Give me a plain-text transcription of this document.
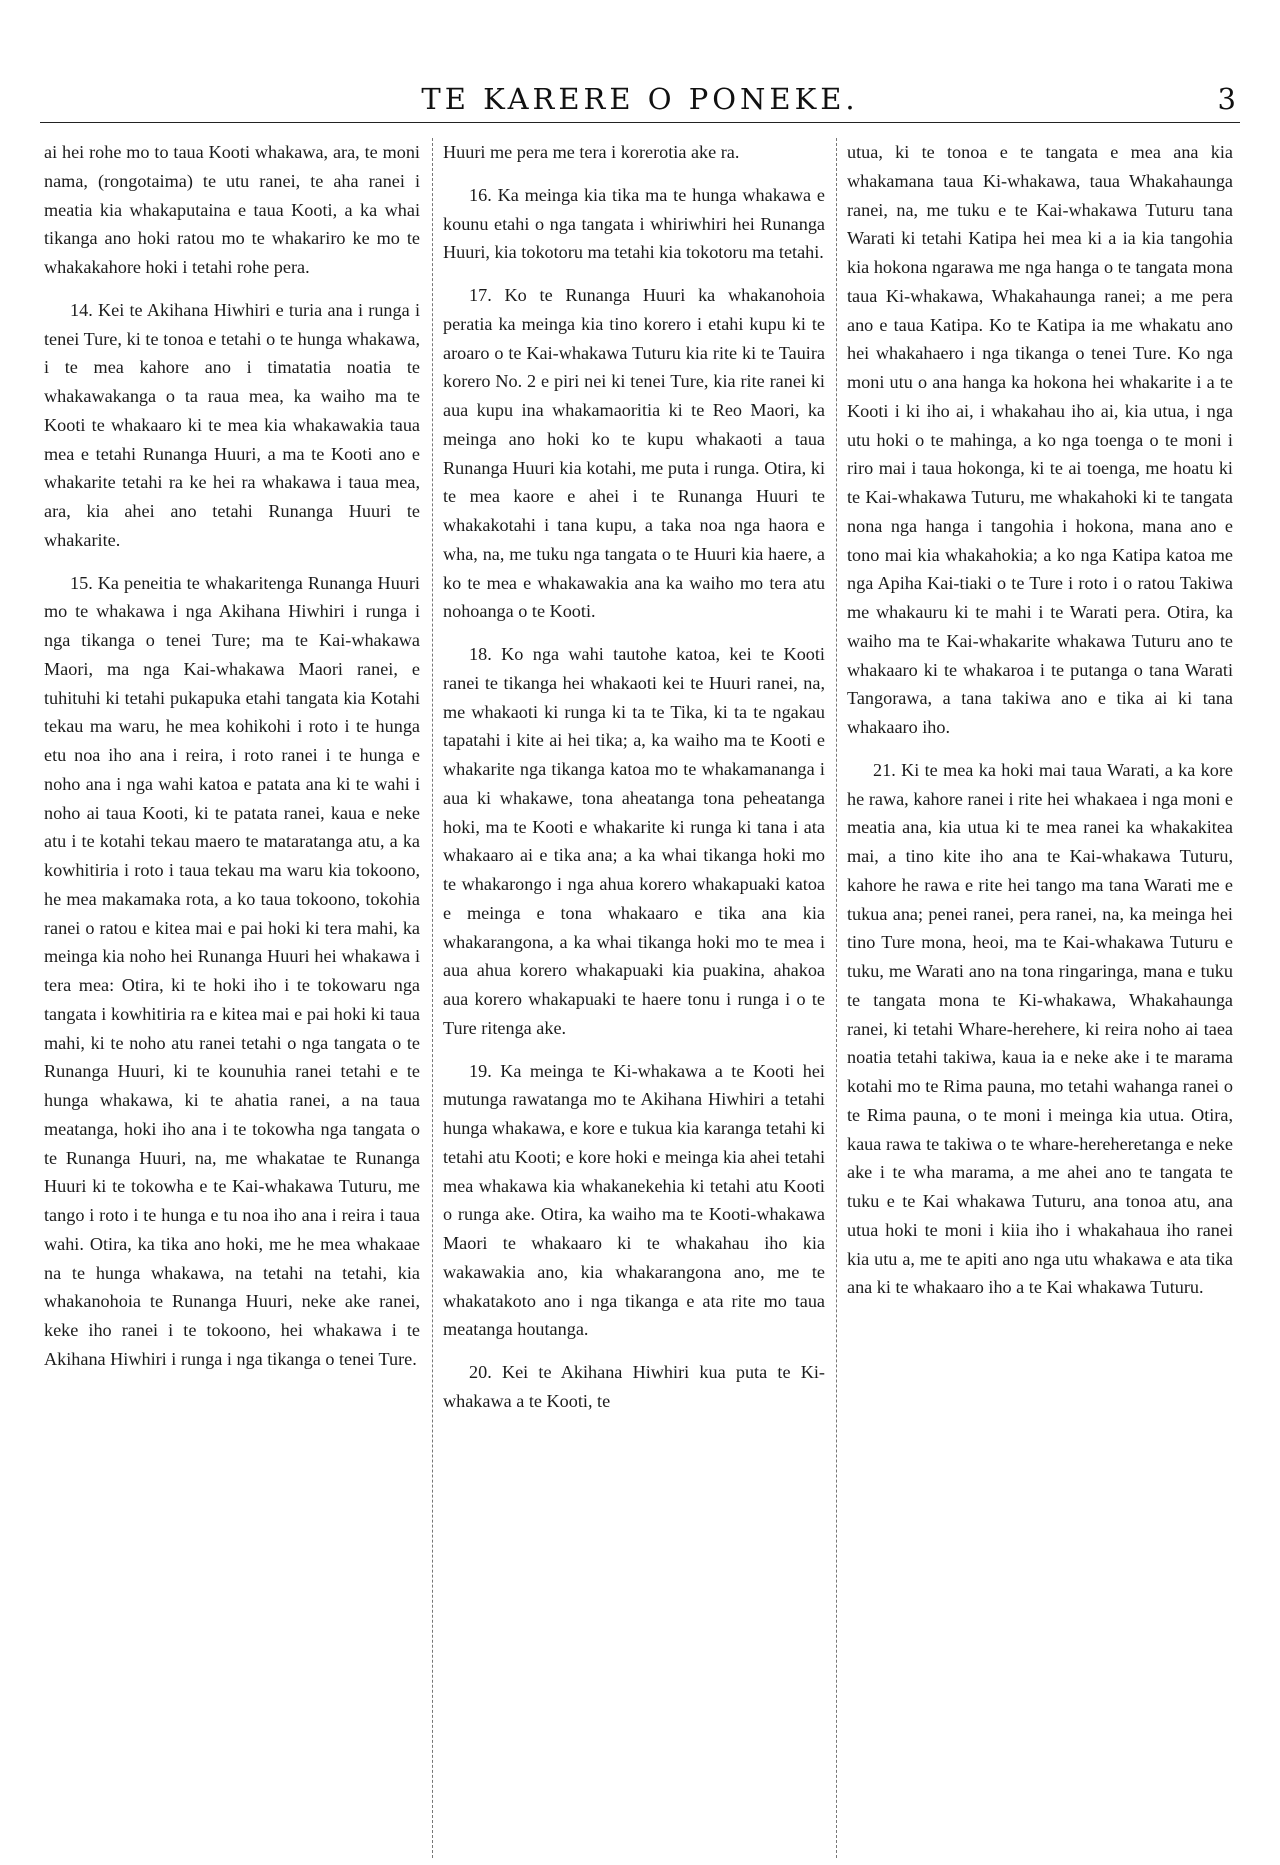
TE KARERE O PONEKE.	3

ai hei rohe mo to taua Kooti whakawa, ara, te moni nama, (rongotaima) te utu ranei, te aha ranei i meatia kia whakaputaina e taua Kooti, a ka whai tikanga ano hoki ratou mo te whakariro ke mo te whakakahore hoki i tetahi rohe pera.

14. Kei te Akihana Hiwhiri e turia ana i runga i tenei Ture, ki te tonoa e tetahi o te hunga whakawa, i te mea kahore ano i timatatia noatia te whakawakanga o ta raua mea, ka waiho ma te Kooti te whakaaro ki te mea kia whakawakia taua mea e tetahi Runanga Huuri, a ma te Kooti ano e whakarite tetahi ra ke hei ra whakawa i taua mea, ara, kia ahei ano tetahi Runanga Huuri te whakarite.

15. Ka peneitia te whakaritenga Runanga Huuri mo te whakawa i nga Akihana Hiwhiri i runga i nga tikanga o tenei Ture; ma te Kai-whakawa Maori, ma nga Kai-whakawa Maori ranei, e tuhituhi ki tetahi pukapuka etahi tangata kia Kotahi tekau ma waru, he mea kohikohi i roto i te hunga etu noa iho ana i reira, i roto ranei i te hunga e noho ana i nga wahi katoa e patata ana ki te wahi i noho ai taua Kooti, ki te patata ranei, kaua e neke atu i te kotahi tekau maero te mataratanga atu, a ka kowhitiria i roto i taua tekau ma waru kia tokoono, he mea makamaka rota, a ko taua tokoono, tokohia ranei o ratou e kitea mai e pai hoki ki tera mahi, ka meinga kia noho hei Runanga Huuri hei whakawa i tera mea: Otira, ki te hoki iho i te tokowaru nga tangata i kowhitiria ra e kitea mai e pai hoki ki taua mahi, ki te noho atu ranei tetahi o nga tangata o te Runanga Huuri, ki te kounuhia ranei tetahi e te hunga whakawa, ki te ahatia ranei, a na taua meatanga, hoki iho ana i te tokowha nga tangata o te Runanga Huuri, na, me whakatae te Runanga Huuri ki te tokowha e te Kai-whakawa Tuturu, me tango i roto i te hunga e tu noa iho ana i reira i taua wahi. Otira, ka tika ano hoki, me he mea whakaae na te hunga whakawa, na tetahi na tetahi, kia whakanohoia te Runanga Huuri, neke ake ranei, keke iho ranei i te tokoono, hei whakawa i te Akihana Hiwhiri i runga i nga tikanga o tenei Ture.

Huuri me pera me tera i korerotia ake ra.

16. Ka meinga kia tika ma te hunga whakawa e kounu etahi o nga tangata i whiriwhiri hei Runanga Huuri, kia tokotoru ma tetahi kia tokotoru ma tetahi.

17. Ko te Runanga Huuri ka whakanohoia peratia ka meinga kia tino korero i etahi kupu ki te aroaro o te Kai-whakawa Tuturu kia rite ki te Tauira korero No. 2 e piri nei ki tenei Ture, kia rite ranei ki aua kupu ina whakamaoritia ki te Reo Maori, ka meinga ano hoki ko te kupu whakaoti a taua Runanga Huuri kia kotahi, me puta i runga. Otira, ki te mea kaore e ahei i te Runanga Huuri te whakakotahi i tana kupu, a taka noa nga haora e wha, na, me tuku nga tangata o te Huuri kia haere, a ko te mea e whakawakia ana ka waiho mo tera atu nohoanga o te Kooti.

18. Ko nga wahi tautohe katoa, kei te Kooti ranei te tikanga hei whakaoti kei te Huuri ranei, na, me whakaoti ki runga ki ta te Tika, ki ta te ngakau tapatahi i kite ai hei tika; a, ka waiho ma te Kooti e whakarite nga tikanga katoa mo te whakamananga i aua ki whakawe, tona aheatanga tona peheatanga hoki, ma te Kooti e whakarite ki runga ki tana i ata whakaaro ai e tika ana; a ka whai tikanga hoki mo te whakarongo i nga ahua korero whakapuaki katoa e meinga e tona whakaaro e tika ana kia whakarangona, a ka whai tikanga hoki mo te mea i aua ahua korero whakapuaki kia puakina, ahakoa aua korero whakapuaki te haere tonu i runga i o te Ture ritenga ake.

19. Ka meinga te Ki-whakawa a te Kooti hei mutunga rawatanga mo te Akihana Hiwhiri a tetahi hunga whakawa, e kore e tukua kia karanga tetahi ki tetahi atu Kooti; e kore hoki e meinga kia ahei tetahi mea whakawa kia whakanekehia ki tetahi atu Kooti o runga ake. Otira, ka waiho ma te Kooti-whakawa Maori te whakaaro ki te whakahau iho kia wakawakia ano, kia whakarangona ano, me te whakatakoto ano i nga tikanga e ata rite mo taua meatanga houtanga.

20. Kei te Akihana Hiwhiri kua puta te Ki-whakawa a te Kooti, te

utua, ki te tonoa e te tangata e mea ana kia whakamana taua Ki-whakawa, taua Whakahaunga ranei, na, me tuku e te Kai-whakawa Tuturu tana Warati ki tetahi Katipa hei mea ki a ia kia tangohia kia hokona ngarawa me nga hanga o te tangata mona taua Ki-whakawa, Whakahaunga ranei; a me pera ano e taua Katipa. Ko te Katipa ia me whakatu ano hei whakahaero i nga tikanga o tenei Ture. Ko nga moni utu o ana hanga ka hokona hei whakarite i a te Kooti i ki iho ai, i whakahau iho ai, kia utua, i nga utu hoki o te mahinga, a ko nga toenga o te moni i riro mai i taua hokonga, ki te ai toenga, me hoatu ki te Kai-whakawa Tuturu, me whakahoki ki te tangata nona nga hanga i tangohia i hokona, mana ano e tono mai kia whakahokia; a ko nga Katipa katoa me nga Apiha Kai-tiaki o te Ture i roto i o ratou Takiwa me whakauru ki te mahi i te Warati pera. Otira, ka waiho ma te Kai-whakarite whakawa Tuturu ano te whakaaro ki te whakaroa i te putanga o tana Warati Tangorawa, a tana takiwa ano e tika ai ki tana whakaaro iho.

21. Ki te mea ka hoki mai taua Warati, a ka kore he rawa, kahore ranei i rite hei whakaea i nga moni e meatia ana, kia utua ki te mea ranei ka whakakitea mai, a tino kite iho ana te Kai-whakawa Tuturu, kahore he rawa e rite hei tango ma tana Warati me e tukua ana; penei ranei, pera ranei, na, ka meinga hei tino Ture mona, heoi, ma te Kai-whakawa Tuturu e tuku, me Warati ano na tona ringaringa, mana e tuku te tangata mona te Ki-whakawa, Whakahaunga ranei, ki tetahi Whare-herehere, ki reira noho ai taea noatia tetahi takiwa, kaua ia e neke ake i te marama kotahi mo te Rima pauna, mo tetahi wahanga ranei o te Rima pauna, o te moni i meinga kia utua. Otira, kaua rawa te takiwa o te whare-hereheretanga e neke ake i te wha marama, a me ahei ano te tangata te tuku e te Kai whakawa Tuturu, ana tonoa atu, ana utua hoki te moni i kiia iho i whakahaua iho ranei kia utu a, me te apiti ano nga utu whakawa e ata tika ana ki te whakaaro iho a te Kai whakawa Tuturu.
